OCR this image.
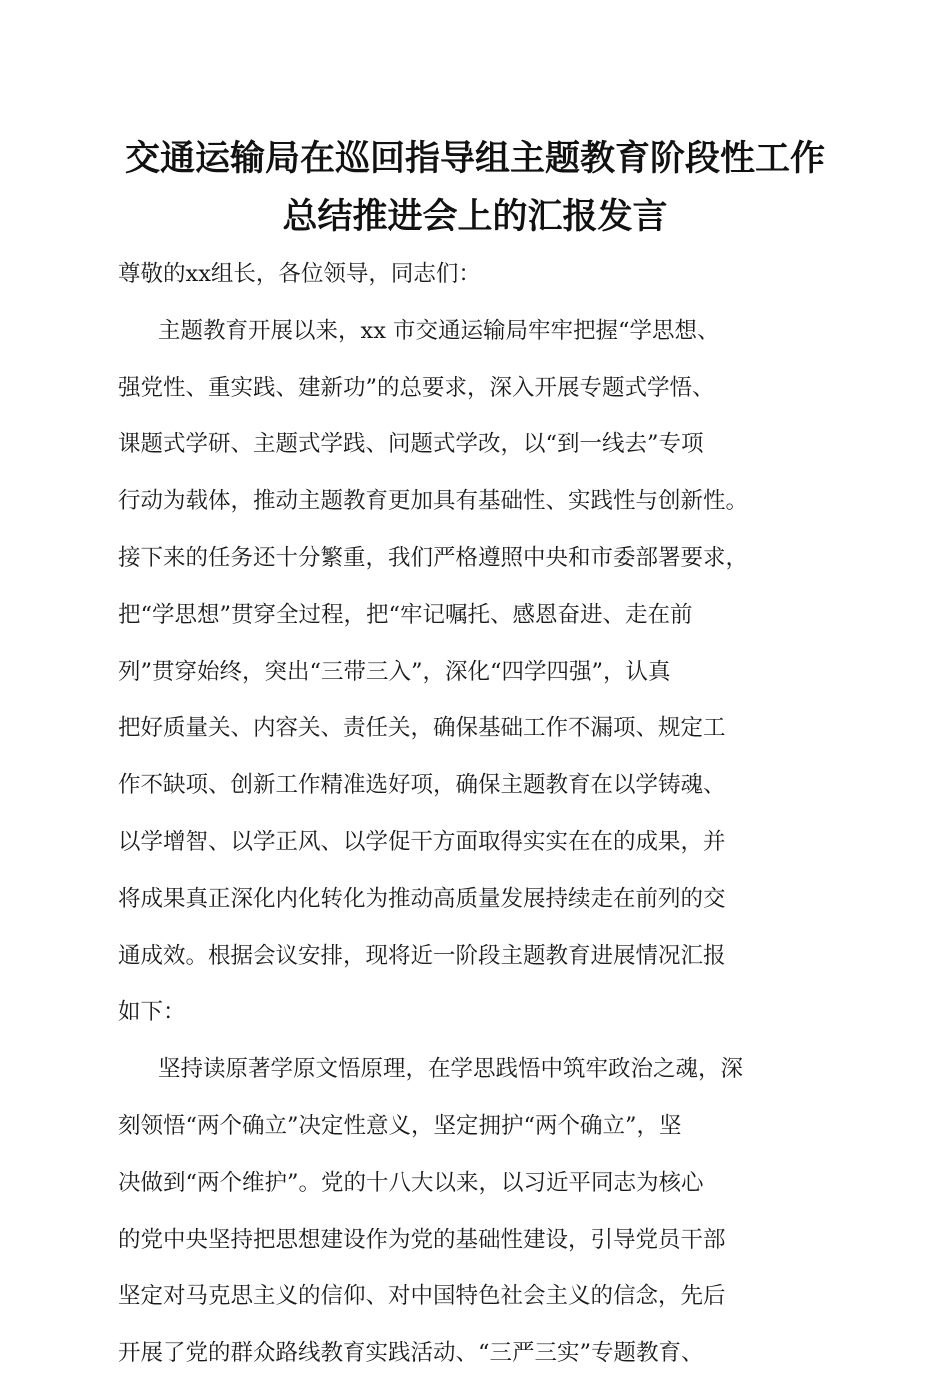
交通运输局在巡回指导组主题教育阶段性工作
总结推进会上的汇报发言
尊敬的xx组长，各位领导，同志们：
主题教育开展以来，xx 市交通运输局牢牢把握“学思想、
强党性、重实践、建新功”的总要求，深入开展专题式学悟、
课题式学研、主题式学践、问题式学改，以“到一线去”专项
行动为载体，推动主题教育更加具有基础性、实践性与创新性。
接下来的任务还十分繁重，我们严格遵照中央和市委部署要求，
把“学思想”贯穿全过程，把“牢记嘱托、感恩奋进、走在前
列”贯穿始终，突出“三带三入”，深化“四学四强”，认真
把好质量关、内容关、责任关，确保基础工作不漏项、规定工
作不缺项、创新工作精准选好项，确保主题教育在以学铸魂、
以学增智、以学正风、以学促干方面取得实实在在的成果，并
将成果真正深化内化转化为推动高质量发展持续走在前列的交
通成效。根据会议安排，现将近一阶段主题教育进展情况汇报
如下：
坚持读原著学原文悟原理，在学思践悟中筑牢政治之魂，深
刻领悟“两个确立”决定性意义，坚定拥护“两个确立”，坚
决做到“两个维护”。党的十八大以来，以习近平同志为核心
的党中央坚持把思想建设作为党的基础性建设，引导党员干部
坚定对马克思主义的信仰、对中国特色社会主义的信念，先后
开展了党的群众路线教育实践活动、“三严三实”专题教育、
